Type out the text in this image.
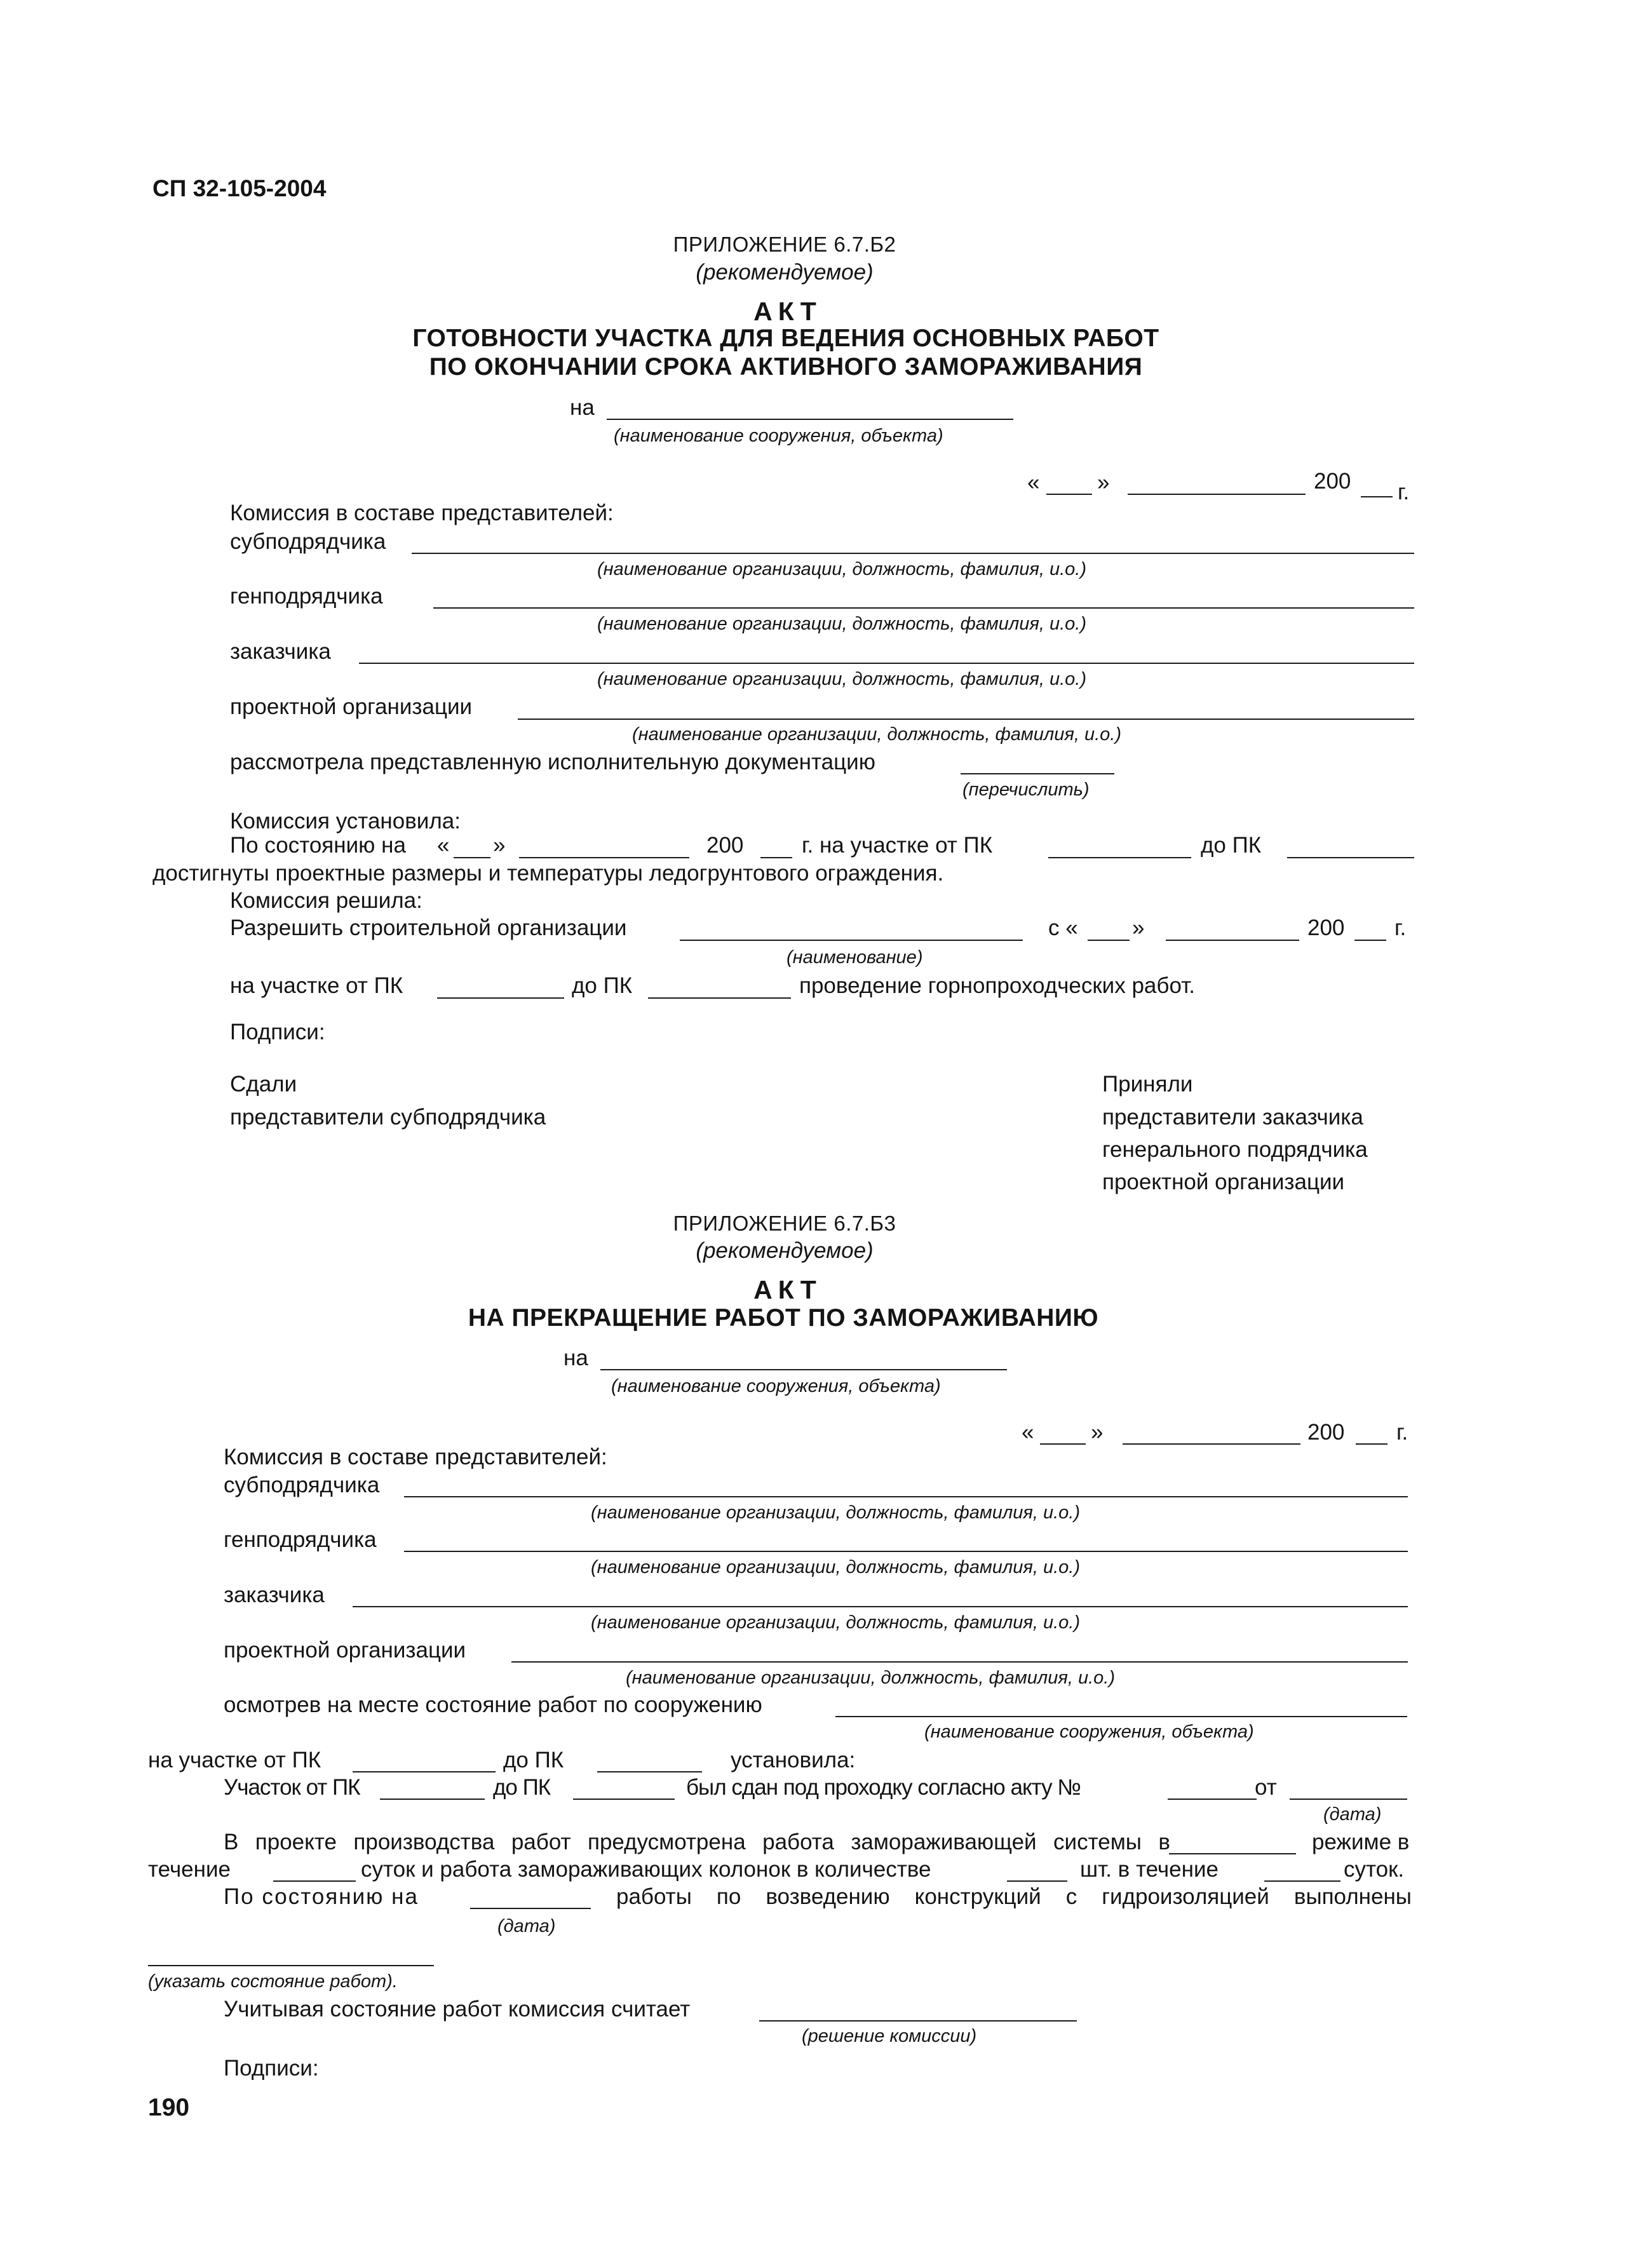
СП 32-105-2004
ПРИЛОЖЕНИЕ 6.7.Б2
(рекомендуемое)
АКТ
ГОТОВНОСТИ УЧАСТКА ДЛЯ ВЕДЕНИЯ ОСНОВНЫХ РАБОТ
ПО ОКОНЧАНИИ СРОКА АКТИВНОГО ЗАМОРАЖИВАНИЯ
на
(наименование сооружения, объекта)
«	»	200 г.
Комиссия в составе представителей:
субподрядчика
(наименование организации, должность, фамилия, и.о.)
генподрядчика
(наименование организации, должность, фамилия, и.о.)
заказчика
(наименование организации, должность, фамилия, и.о.)
проектной организации
(наименование организации, должность, фамилия, и.о.)
рассмотрела представленную исполнительную документацию
(перечислить)
Комиссия установила:
По состоянию на « »	200	г. на участке от ПК	до ПК
достигнуты проектные размеры и температуры ледогрунтового ограждения.
Комиссия решила:
Разрешить строительной организации	с « »	200 г.
(наименование)
на участке от ПК	до ПК	проведение горнопроходческих работ.
Подписи:
Сдали
представители субподрядчика
Приняли
представители заказчика
генерального подрядчика
проектной организации
ПРИЛОЖЕНИЕ 6.7.Б3
(рекомендуемое)
АКТ
НА ПРЕКРАЩЕНИЕ РАБОТ ПО ЗАМОРАЖИВАНИЮ
на
(наименование сооружения, объекта)
«	»	200 г.
Комиссия в составе представителей:
субподрядчика
(наименование организации, должность, фамилия, и.о.)
генподрядчика
(наименование организации, должность, фамилия, и.о.)
заказчика
(наименование организации, должность, фамилия, и.о.)
проектной организации
(наименование организации, должность, фамилия, и.о.)
осмотрев на месте состояние работ по сооружению
(наименование сооружения, объекта)
на участке от ПК	до ПК	установила:
Участок от ПК	до ПК	был сдан под проходку согласно акту №	от
(дата)
В проекте производства работ предусмотрена работа замораживающей системы в	режиме в
течение	суток и работа замораживающих колонок в количестве	шт. в течение	суток.
По состоянию на	работы по возведению конструкций с гидроизоляцией выполнены
(дата)
(указать состояние работ).
Учитывая состояние работ комиссия считает
(решение комиссии)
Подписи:
190
